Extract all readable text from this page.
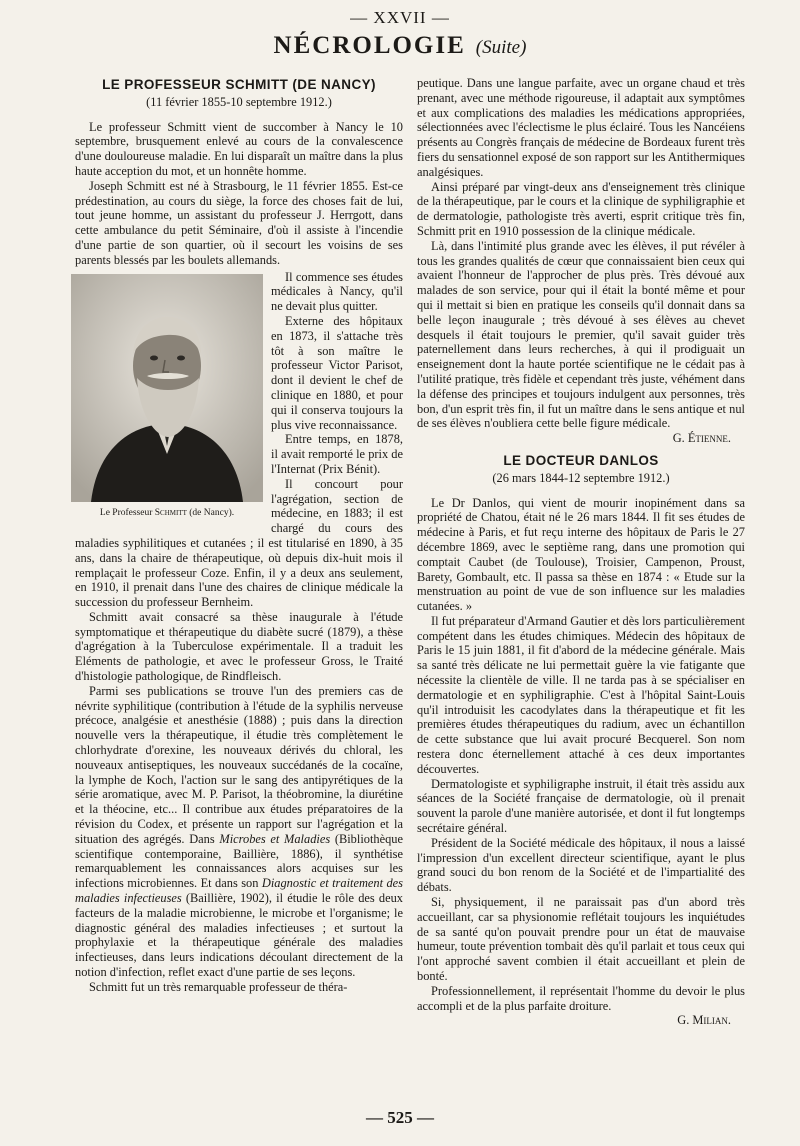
— XXVII —
NÉCROLOGIE (Suite)
LE PROFESSEUR SCHMITT (DE NANCY)
(11 février 1855-10 septembre 1912.)

Le professeur Schmitt vient de succomber à Nancy le 10 septembre, brusquement enlevé au cours de la convalescence d'une douloureuse maladie. En lui disparaît un maître dans la plus haute acception du mot, et un honnête homme.

Joseph Schmitt est né à Strasbourg, le 11 février 1855. Est-ce prédestination, au cours du siège, la force des choses fait de lui, tout jeune homme, un assistant du professeur J. Herrgott, dans cette ambulance du petit Séminaire, d'où il assiste à l'incendie d'une partie de son quartier, où il secourt les voisins de ses parents blessés par les boulets allemands.

Le Professeur Schmitt (de Nancy).

Il commence ses études médicales à Nancy, qu'il ne devait plus quitter.

Externe des hôpitaux en 1873, il s'attache très tôt à son maître le professeur Victor Parisot, dont il devient le chef de clinique en 1880, et pour qui il conserva toujours la plus vive reconnaissance.

Entre temps, en 1878, il avait remporté le prix de l'Internat (Prix Bénit).

Il concourt pour l'agrégation, section de médecine, en 1883; il est chargé du cours des maladies syphilitiques et cutanées ; il est titularisé en 1890, à 35 ans, dans la chaire de thérapeutique, où depuis dix-huit mois il remplaçait le professeur Coze. Enfin, il y a deux ans seulement, en 1910, il prenait dans l'une des chaires de clinique médicale la succession du professeur Bernheim.

Schmitt avait consacré sa thèse inaugurale à l'étude symptomatique et thérapeutique du diabète sucré (1879), a thèse d'agrégation à la Tuberculose expérimentale. Il a traduit les Eléments de pathologie, et avec le professeur Gross, le Traité d'histologie pathologique, de Rindfleisch.

Parmi ses publications se trouve l'un des premiers cas de névrite syphilitique (contribution à l'étude de la syphilis nerveuse précoce, analgésie et anesthésie (1888) ; puis dans la direction nouvelle vers la thérapeutique, il étudie très complètement le chlorhydrate d'orexine, les nouveaux dérivés du chloral, les nouveaux antiseptiques, les nouveaux succédanés de la cocaïne, la lymphe de Koch, l'action sur le sang des antipyrétiques de la série aromatique, avec M. P. Parisot, la théobromine, la diurétine et la théocine, etc... Il contribue aux études préparatoires de la révision du Codex, et présente un rapport sur l'agrégation et la situation des agrégés. Dans Microbes et Maladies (Bibliothèque scientifique contemporaine, Baillière, 1886), il synthétise remarquablement les connaissances alors acquises sur les infections microbiennes. Et dans son Diagnostic et traitement des maladies infectieuses (Baillière, 1902), il étudie le rôle des deux facteurs de la maladie microbienne, le microbe et l'organisme; le diagnostic général des maladies infectieuses ; et surtout la prophylaxie et la thérapeutique générale des maladies infectieuses, dans leurs indications découlant directement de la notion d'infection, reflet exact d'une partie de ses leçons.

Schmitt fut un très remarquable professeur de théra-

peutique. Dans une langue parfaite, avec un organe chaud et très prenant, avec une méthode rigoureuse, il adaptait aux symptômes et aux complications des maladies les médications appropriées, sélectionnées avec l'éclectisme le plus éclairé. Tous les Nancéiens présents au Congrès français de médecine de Bordeaux furent très fiers du sensationnel exposé de son rapport sur les Antithermiques analgésiques.

Ainsi préparé par vingt-deux ans d'enseignement très clinique de la thérapeutique, par le cours et la clinique de syphiligraphie et de dermatologie, pathologiste très averti, esprit critique très fin, Schmitt prit en 1910 possession de la clinique médicale.

Là, dans l'intimité plus grande avec les élèves, il put révéler à tous les grandes qualités de cœur que connaissaient bien ceux qui avaient l'honneur de l'approcher de plus près. Très dévoué aux malades de son service, pour qui il était la bonté même et pour qui il mettait si bien en pratique les conseils qu'il donnait dans sa belle leçon inaugurale ; très dévoué à ses élèves au chevet desquels il était toujours le premier, qu'il savait guider très paternellement dans leurs recherches, à qui il prodiguait un enseignement dont la haute portée scientifique ne le cédait pas à l'utilité pratique, très fidèle et cependant très juste, véhément dans la défense des principes et toujours indulgent aux personnes, très bon, d'un esprit très fin, il fut un maître dans le sens antique et nul de ses élèves n'oubliera cette belle figure médicale.

G. Étienne.
LE DOCTEUR DANLOS
(26 mars 1844-12 septembre 1912.)

Le Dr Danlos, qui vient de mourir inopinément dans sa propriété de Chatou, était né le 26 mars 1844. Il fit ses études de médecine à Paris, et fut reçu interne des hôpitaux de Paris le 27 décembre 1869, avec le septième rang, dans une promotion qui comptait Caubet (de Toulouse), Troisier, Campenon, Proust, Barety, Gombault, etc. Il passa sa thèse en 1874 : « Etude sur la menstruation au point de vue de son influence sur les maladies cutanées. »

Il fut préparateur d'Armand Gautier et dès lors particulièrement compétent dans les études chimiques. Médecin des hôpitaux de Paris le 15 juin 1881, il fit d'abord de la médecine générale. Mais sa santé très délicate ne lui permettait guère la vie fatigante que nécessite la clientèle de ville. Il ne tarda pas à se spécialiser en dermatologie et en syphiligraphie. C'est à l'hôpital Saint-Louis qu'il introduisit les cacodylates dans la thérapeutique et fit les premières études thérapeutiques du radium, avec un échantillon de cette substance que lui avait procuré Becquerel. Son nom restera donc éternellement attaché à ces deux importantes découvertes.

Dermatologiste et syphiligraphe instruit, il était très assidu aux séances de la Société française de dermatologie, où il prenait souvent la parole d'une manière autorisée, et dont il fut longtemps secrétaire général.

Président de la Société médicale des hôpitaux, il nous a laissé l'impression d'un excellent directeur scientifique, ayant le plus grand souci du bon renom de la Société et de l'impartialité des débats.

Si, physiquement, il ne paraissait pas d'un abord très accueillant, car sa physionomie reflétait toujours les inquiétudes de sa santé qu'on pouvait prendre pour un état de mauvaise humeur, toute prévention tombait dès qu'il parlait et tous ceux qui l'ont approché savent combien il était accueillant et plein de bonté.

Professionnellement, il représentait l'homme du devoir le plus accompli et de la plus parfaite droiture.

G. Milian.
— 525 —
